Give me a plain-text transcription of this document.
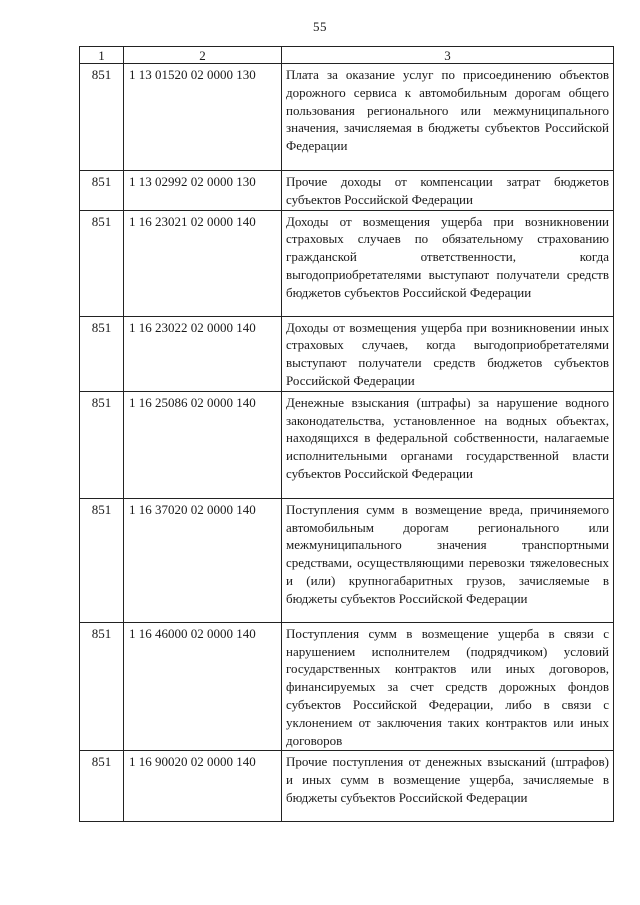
55
1	2	3
851	1 13 01520 02 0000 130	Плата за оказание услуг по присоединению объектов дорожного сервиса к автомобильным дорогам общего пользования регионального или межмуниципального значения, зачисляемая в бюджеты субъектов Российской Федерации
851	1 13 02992 02 0000 130	Прочие доходы от компенсации затрат бюджетов субъектов Российской Федерации
851	1 16 23021 02 0000 140	Доходы от возмещения ущерба при возникновении страховых случаев по обязательному страхованию гражданской ответственности, когда выгодоприобретателями выступают получатели средств бюджетов субъектов Российской Федерации
851	1 16 23022 02 0000 140	Доходы от возмещения ущерба при возникновении иных страховых случаев, когда выгодоприобретателями выступают получатели средств бюджетов субъектов Российской Федерации
851	1 16 25086 02 0000 140	Денежные взыскания (штрафы) за нарушение водного законодательства, установленное на водных объектах, находящихся в федеральной собственности, налагаемые исполнительными органами государственной власти субъектов Российской Федерации
851	1 16 37020 02 0000 140	Поступления сумм в возмещение вреда, причиняемого автомобильным дорогам регионального или межмуниципального значения транспортными средствами, осуществляющими перевозки тяжеловесных и (или) крупногабаритных грузов, зачисляемые в бюджеты субъектов Российской Федерации
851	1 16 46000 02 0000 140	Поступления сумм в возмещение ущерба в связи с нарушением исполнителем (подрядчиком) условий государственных контрактов или иных договоров, финансируемых за счет средств дорожных фондов субъектов Российской Федерации, либо в связи с уклонением от заключения таких контрактов или иных договоров
851	1 16 90020 02 0000 140	Прочие поступления от денежных взысканий (штрафов) и иных сумм в возмещение ущерба, зачисляемые в бюджеты субъектов Российской Федерации
